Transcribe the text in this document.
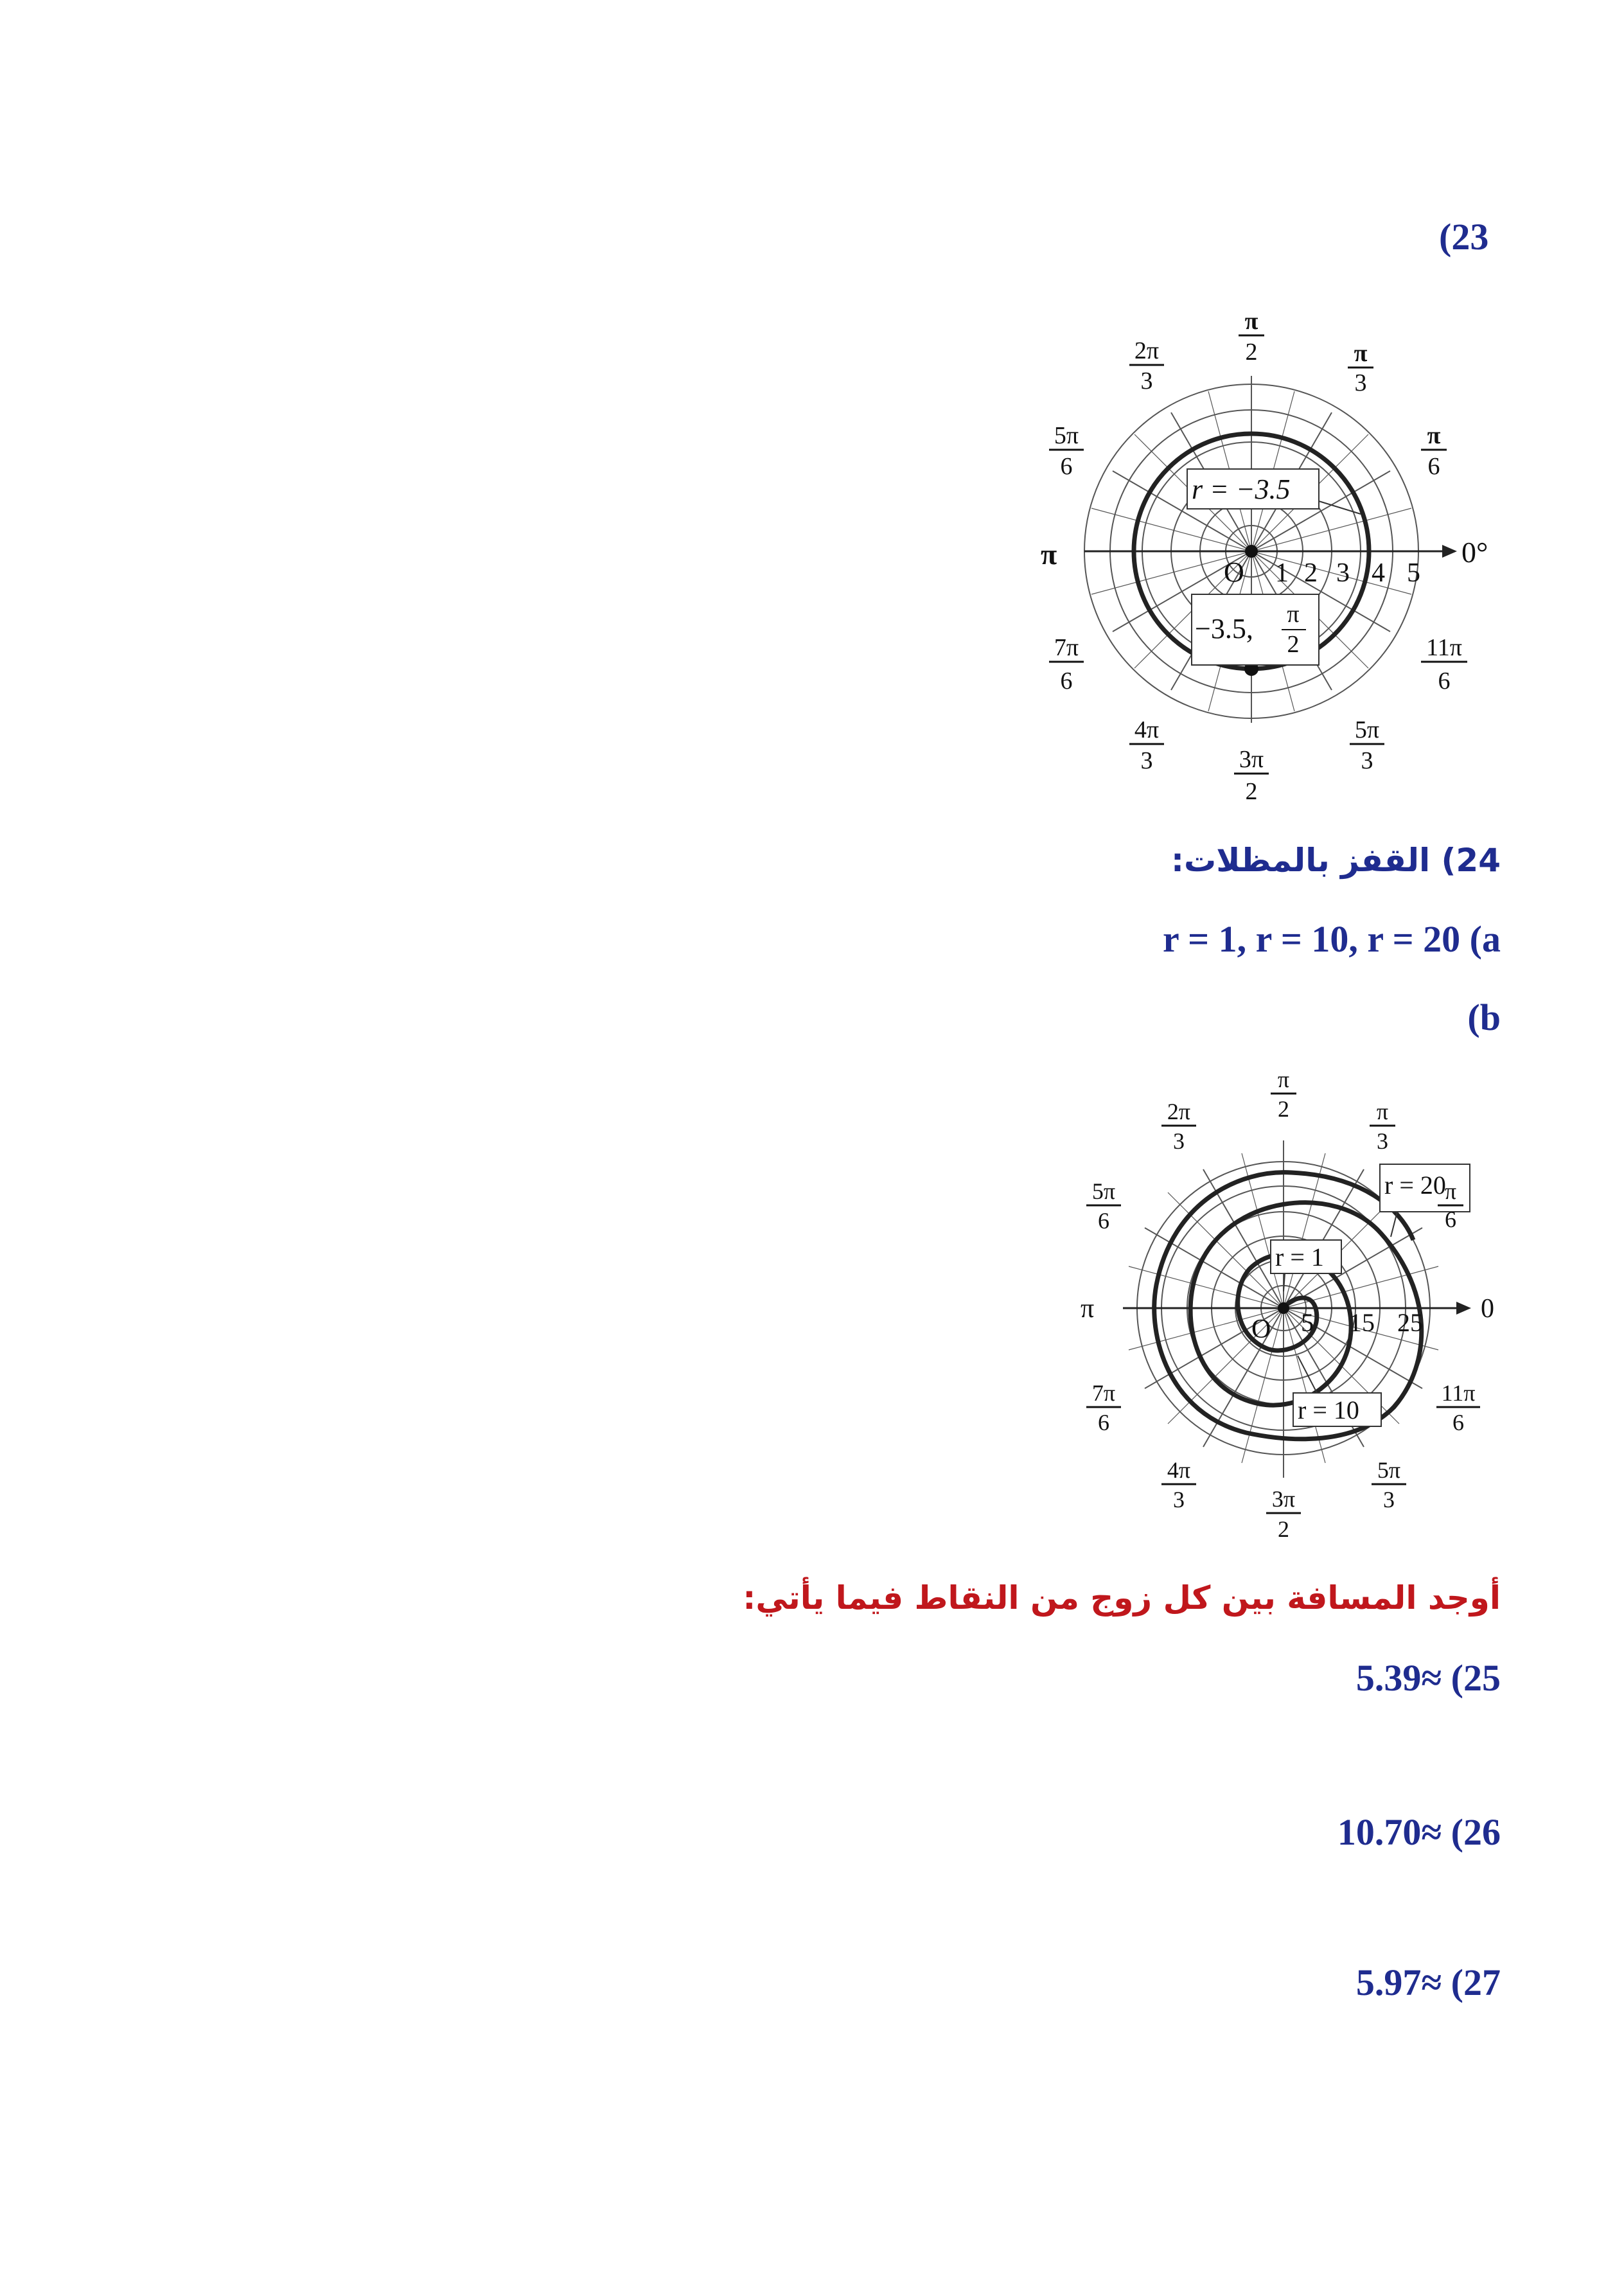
(23
r = −3.5
−3.5, π
2
O 1 2 3 4 5
0°
π
π
2	π
3
π
6
2π
3
5π
6
7π
6
11π
6
4π
3
5π
3
3π
2
24) القفز بالمظلات:
r = 1, r = 10, r = 20 (a
(b
r = 1
r = 10
r = 20
O 5 15 25 0
π
π
2	π
3
π
6
2π
3
5π
6
7π
6
11π
6
4π
3
5π
3
3π
2
أوجد المسافة بين كل زوج من النقاط فيما يأتي:
5.39≈ (25
10.70≈ (26
5.97≈ (27
